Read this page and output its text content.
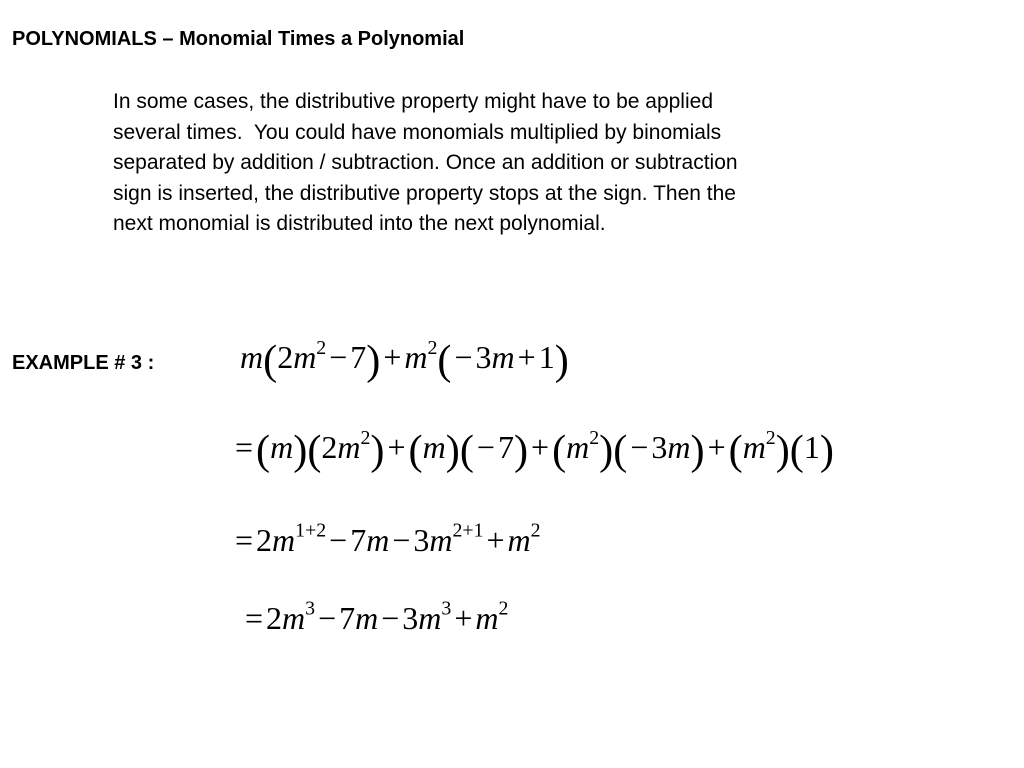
POLYNOMIALS – Monomial Times a Polynomial
In some cases, the distributive property might have to be applied
several times.  You could have monomials multiplied by binomials
separated by addition / subtraction. Once an addition or subtraction
sign is inserted, the distributive property stops at the sign. Then the
next monomial is distributed into the next polynomial.
EXAMPLE # 3 :	$m(2m^2-7)+m^2(-3m+1)$
$=(m)(2m^2)+(m)(-7)+(m^2)(-3m)+(m^2)(1)$
$=2m^{1+2}-7m-3m^{2+1}+m^2$
$=2m^3-7m-3m^3+m^2$
